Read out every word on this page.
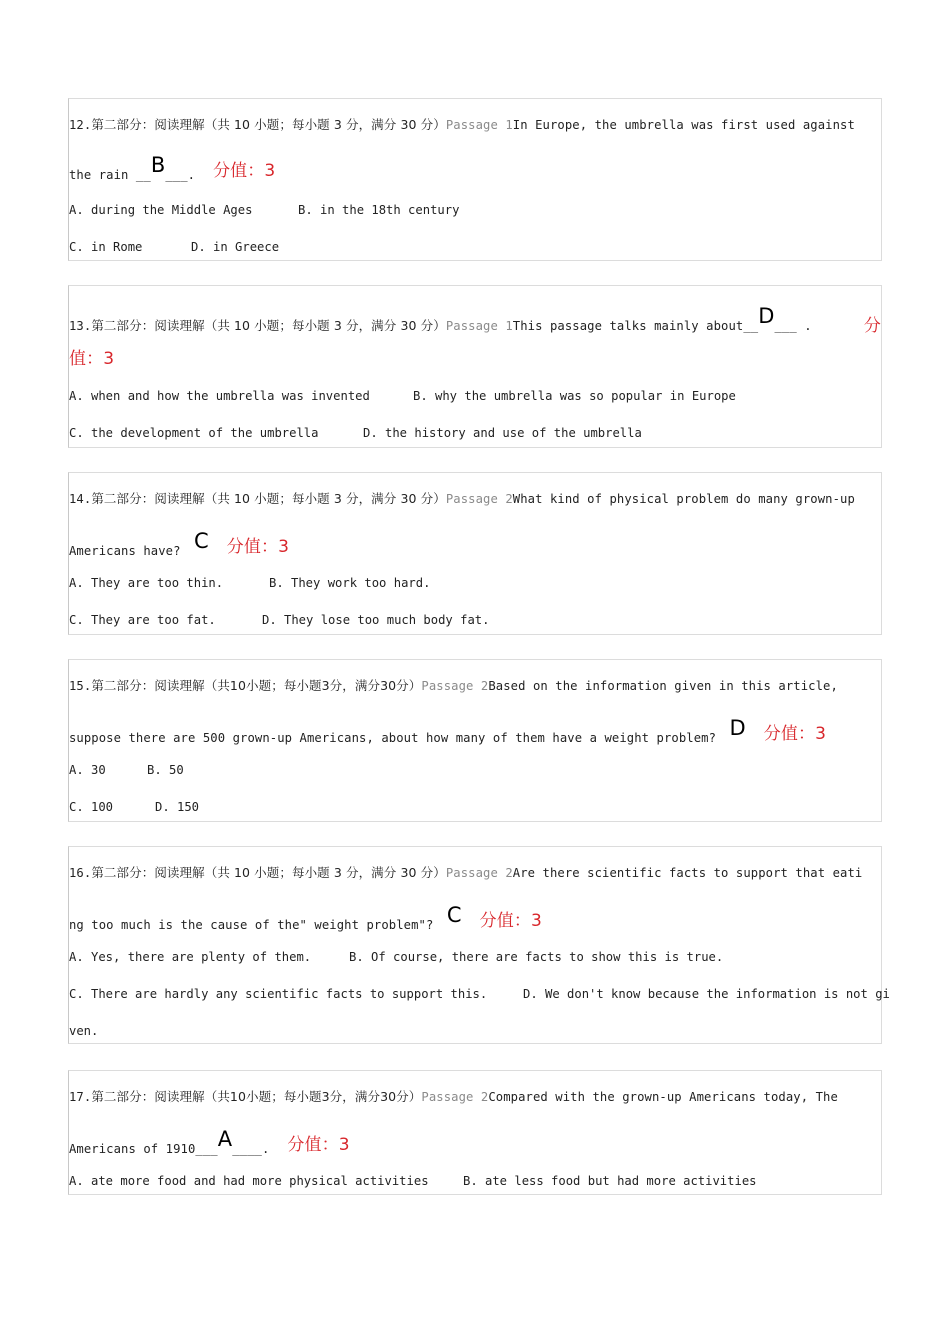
12.第二部分：阅读理解（共 10 小题；每小题 3 分，满分 30 分）Passage 1In Europe, the umbrella was first used against
the rain __B___. 分值：3
A. during the Middle Ages	B. in the 18th century
C. in Rome	D. in Greece
13.第二部分：阅读理解（共 10 小题；每小题 3 分，满分 30 分）Passage 1This passage talks mainly about__D___ .	分
值：3
A. when and how the umbrella was invented	B. why the umbrella was so popular in Europe
C. the development of the umbrella	D. the history and use of the umbrella
14.第二部分：阅读理解（共 10 小题；每小题 3 分，满分 30 分）Passage 2What kind of physical problem do many grown-up
Americans have? C 分值：3
A. They are too thin.	B. They work too hard.
C. They are too fat.	D. They lose too much body fat.
15.第二部分：阅读理解（共10小题；每小题3分，满分30分）Passage 2Based on the information given in this article,
suppose there are 500 grown-up Americans, about how many of them have a weight problem? D 分值：3
A. 30	B. 50
C. 100	D. 150
16.第二部分：阅读理解（共 10 小题；每小题 3 分，满分 30 分）Passage 2Are there scientific facts to support that eati
ng too much is the cause of the" weight problem"? C 分值：3
A. Yes, there are plenty of them.	B. Of course, there are facts to show this is true.
C. There are hardly any scientific facts to support this.	D. We don't know because the information is not gi
ven.
17.第二部分：阅读理解（共10小题；每小题3分，满分30分）Passage 2Compared with the grown-up Americans today, The
Americans of 1910___A____. 分值：3
A. ate more food and had more physical activities	B. ate less food but had more activities
